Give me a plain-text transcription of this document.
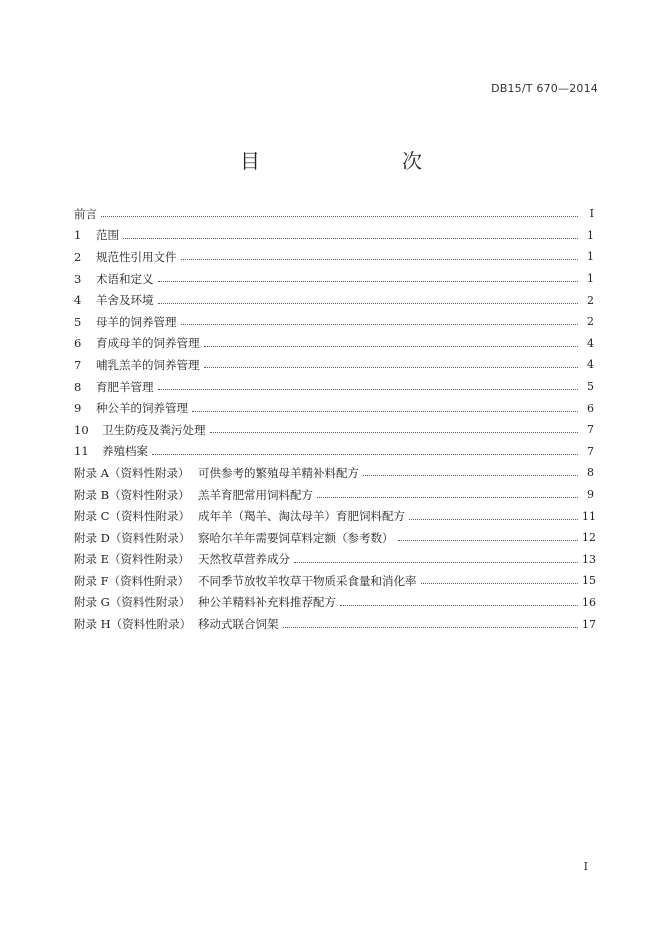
DB15/T 670—2014
目　　次
前言	I
1	范围	1
2	规范性引用文件	1
3	术语和定义	1
4	羊舍及环境	2
5	母羊的饲养管理	2
6	育成母羊的饲养管理	4
7	哺乳羔羊的饲养管理	4
8	育肥羊管理	5
9	种公羊的饲养管理	6
10	卫生防疫及粪污处理	7
11	养殖档案	7
附录 A（资料性附录） 可供参考的繁殖母羊精补料配方	8
附录 B（资料性附录） 羔羊育肥常用饲料配方	9
附录 C（资料性附录） 成年羊（羯羊、淘汰母羊）育肥饲料配方	11
附录 D（资料性附录） 察哈尔羊年需要饲草料定额（参考数）	12
附录 E（资料性附录） 天然牧草营养成分	13
附录 F（资料性附录） 不同季节放牧羊牧草干物质采食量和消化率	15
附录 G（资料性附录） 种公羊精料补充料推荐配方	16
附录 H（资料性附录） 移动式联合饲架	17
I
